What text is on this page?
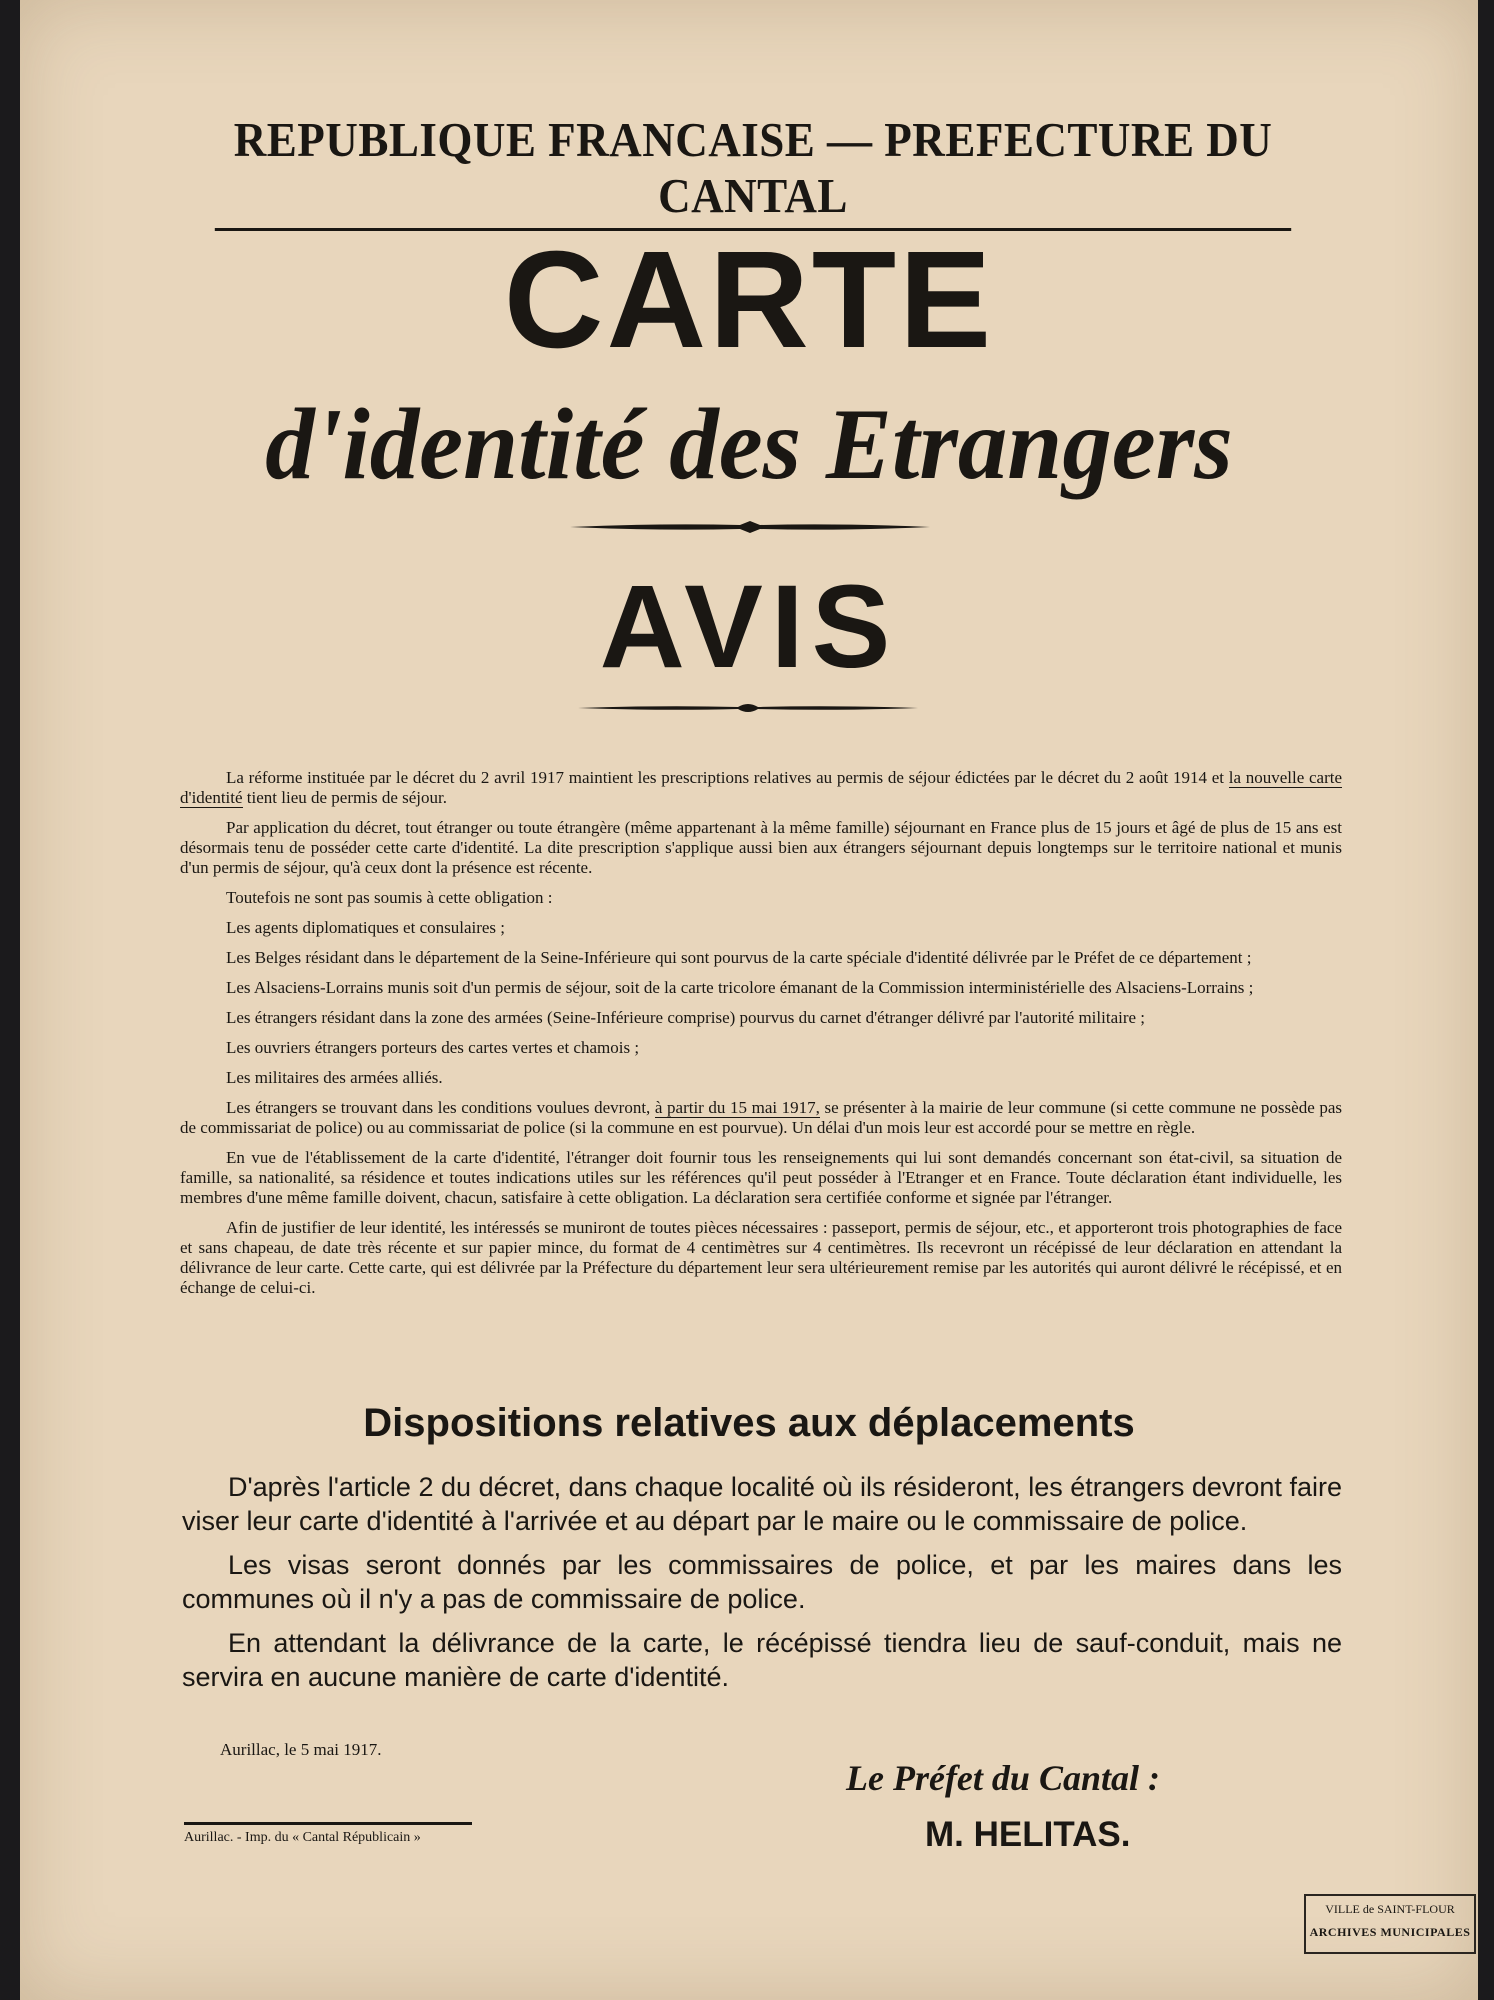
REPUBLIQUE FRANCAISE — PREFECTURE DU CANTAL
CARTE
d'identité des Etrangers
AVIS

La réforme instituée par le décret du 2 avril 1917 maintient les prescriptions relatives au permis de séjour édictées par le décret du 2 août 1914 et la nouvelle carte d'identité tient lieu de permis de séjour.

Par application du décret, tout étranger ou toute étrangère (même appartenant à la même famille) séjournant en France plus de 15 jours et âgé de plus de 15 ans est désormais tenu de posséder cette carte d'identité. La dite prescription s'applique aussi bien aux étrangers séjournant depuis longtemps sur le territoire national et munis d'un permis de séjour, qu'à ceux dont la présence est récente.

Toutefois ne sont pas soumis à cette obligation :

Les agents diplomatiques et consulaires ;

Les Belges résidant dans le département de la Seine-Inférieure qui sont pourvus de la carte spéciale d'identité délivrée par le Préfet de ce département ;

Les Alsaciens-Lorrains munis soit d'un permis de séjour, soit de la carte tricolore émanant de la Commission interministérielle des Alsaciens-Lorrains ;

Les étrangers résidant dans la zone des armées (Seine-Inférieure comprise) pourvus du carnet d'étranger délivré par l'autorité militaire ;

Les ouvriers étrangers porteurs des cartes vertes et chamois ;

Les militaires des armées alliés.

Les étrangers se trouvant dans les conditions voulues devront, à partir du 15 mai 1917, se présenter à la mairie de leur commune (si cette commune ne possède pas de commissariat de police) ou au commissariat de police (si la commune en est pourvue). Un délai d'un mois leur est accordé pour se mettre en règle.

En vue de l'établissement de la carte d'identité, l'étranger doit fournir tous les renseignements qui lui sont demandés concernant son état-civil, sa situation de famille, sa nationalité, sa résidence et toutes indications utiles sur les références qu'il peut posséder à l'Etranger et en France. Toute déclaration étant individuelle, les membres d'une même famille doivent, chacun, satisfaire à cette obligation. La déclaration sera certifiée conforme et signée par l'étranger.

Afin de justifier de leur identité, les intéressés se muniront de toutes pièces nécessaires : passeport, permis de séjour, etc., et apporteront trois photographies de face et sans chapeau, de date très récente et sur papier mince, du format de 4 centimètres sur 4 centimètres. Ils recevront un récépissé de leur déclaration en attendant la délivrance de leur carte. Cette carte, qui est délivrée par la Préfecture du département leur sera ultérieurement remise par les autorités qui auront délivré le récépissé, et en échange de celui-ci.

Dispositions relatives aux déplacements

D'après l'article 2 du décret, dans chaque localité où ils résideront, les étrangers devront faire viser leur carte d'identité à l'arrivée et au départ par le maire ou le commissaire de police.

Les visas seront donnés par les commissaires de police, et par les maires dans les communes où il n'y a pas de commissaire de police.

En attendant la délivrance de la carte, le récépissé tiendra lieu de sauf-conduit, mais ne servira en aucune manière de carte d'identité.

Aurillac, le 5 mai 1917.
Le Préfet du Cantal :
M. HELITAS.
Aurillac. - Imp. du « Cantal Républicain »
VILLE de SAINT-FLOUR
ARCHIVES MUNICIPALES
